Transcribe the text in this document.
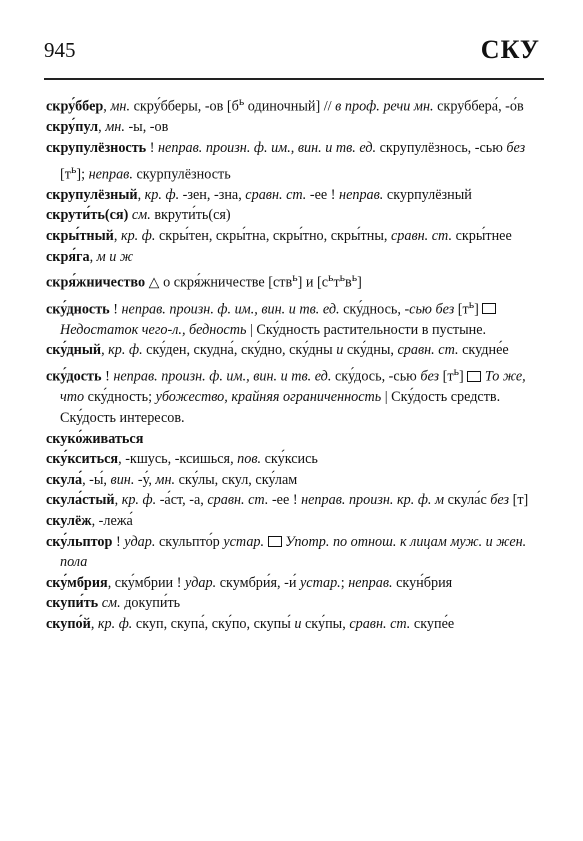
945	СКУ

скру́ббер, мн. скру́бберы, -ов [$б^ь$ одиночный] // в проф. речи мн. скруббера́, -о́в

скру́пул, мн. -ы, -ов

скрупулёзность ! неправ. произн. ф. им., вин. и тв. ед. скрупулёзнось, -сью без $[т^ь]$; неправ. скурпулёзность

скрупулёзный, кр. ф. -зен, -зна, сравн. ст. -ее ! неправ. скурпулёзный

скрути́ть(ся) см. вкрути́ть(ся)

скры́тный, кр. ф. скры́тен, скры́тна, скры́тно, скры́тны, сравн. ст. скры́тнее

скря́га, м и ж

скря́жничество △ о скря́жничестве [ств$^ь$] и $[с^ьт^ьв^ь]$

ску́дность ! неправ. произн. ф. им., вин. и тв. ед. ску́днось, -сью без $[т^ь]$  Недостаток чего-л., бедность | Ску́дность растительности в пустыне.

ску́дный, кр. ф. ску́ден, скудна́, ску́дно, ску́дны и ску́дны, сравн. ст. скудне́е

ску́дость ! неправ. произн. ф. им., вин. и тв. ед. ску́дось, -сью без $[т^ь]$  То же, что ску́дность; убожество, крайняя ограниченность | Ску́дость средств. Ску́дость интересов.

скуко́живаться

ску́кситься, -кшусь, -ксишься, пов. ску́ксись

скула́, -ы́, вин. -у́, мн. ску́лы, скул, ску́лам

скула́стый, кр. ф. -а́ст, -а, сравн. ст. -ее ! неправ. произн. кр. ф. м скула́с без [т]

скулёж, -лежа́

ску́льптор ! удар. скульпто́р устар. Употр. по отнош. к лицам муж. и жен. пола

ску́мбрия, ску́мбрии ! удар. скумбри́я, -и́ устар.; неправ. скун́брия

скупи́ть см. докупи́ть

скупо́й, кр. ф. скуп, скупа́, ску́по, скупы́ и ску́пы, сравн. ст. скупе́е
